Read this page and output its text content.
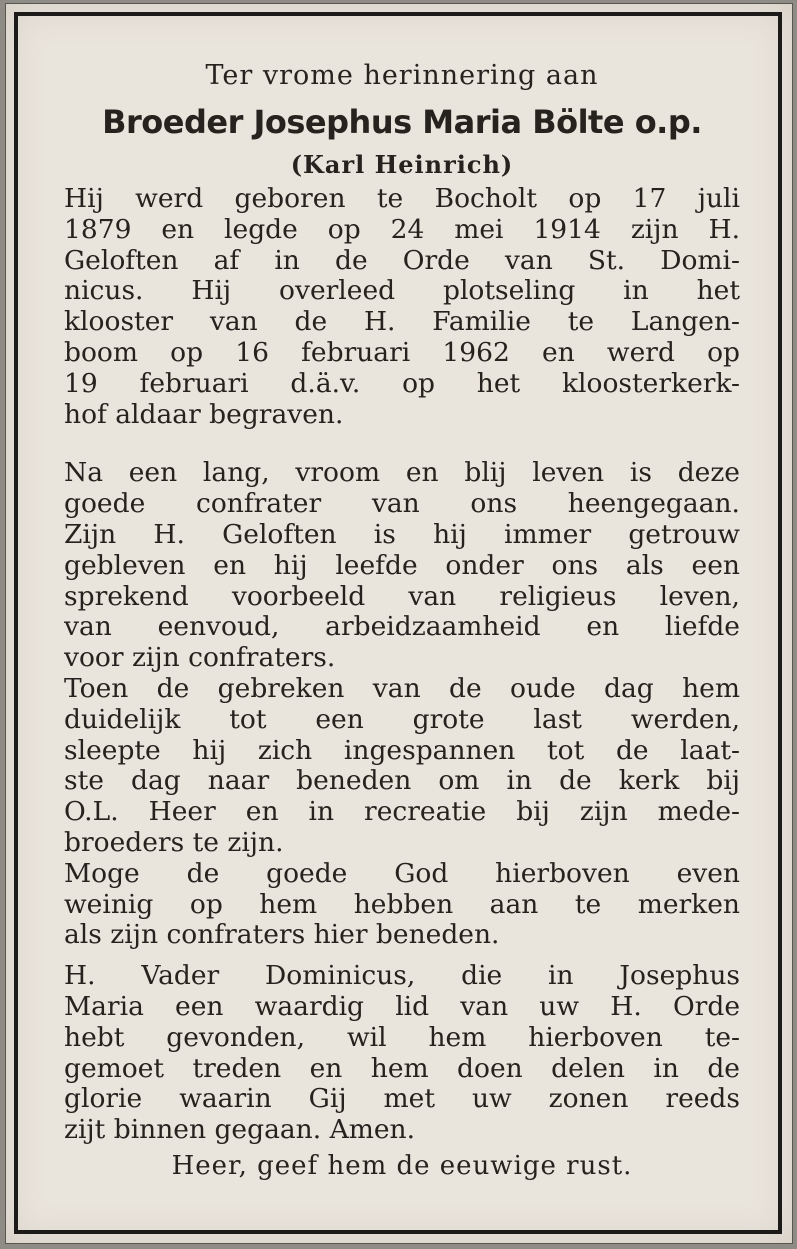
Ter vrome herinnering aan

Broeder Josephus Maria Bölte o.p.

(Karl Heinrich)

Hij werd geboren te Bocholt op 17 juli
1879 en legde op 24 mei 1914 zijn H.
Geloften af in de Orde van St. Domi-
nicus. Hij overleed plotseling in het
klooster van de H. Familie te Langen-
boom op 16 februari 1962 en werd op
19 februari d.ä.v. op het kloosterkerk-
hof aldaar begraven.
Na een lang, vroom en blij leven is deze
goede confrater van ons heengegaan.
Zijn H. Geloften is hij immer getrouw
gebleven en hij leefde onder ons als een
sprekend voorbeeld van religieus leven,
van eenvoud, arbeidzaamheid en liefde
voor zijn confraters.
Toen de gebreken van de oude dag hem
duidelijk tot een grote last werden,
sleepte hij zich ingespannen tot de laat-
ste dag naar beneden om in de kerk bij
O.L. Heer en in recreatie bij zijn mede-
broeders te zijn.
Moge de goede God hierboven even
weinig op hem hebben aan te merken
als zijn confraters hier beneden.
H. Vader Dominicus, die in Josephus
Maria een waardig lid van uw H. Orde
hebt gevonden, wil hem hierboven te-
gemoet treden en hem doen delen in de
glorie waarin Gij met uw zonen reeds
zijt binnen gegaan. Amen.

Heer, geef hem de eeuwige rust.
